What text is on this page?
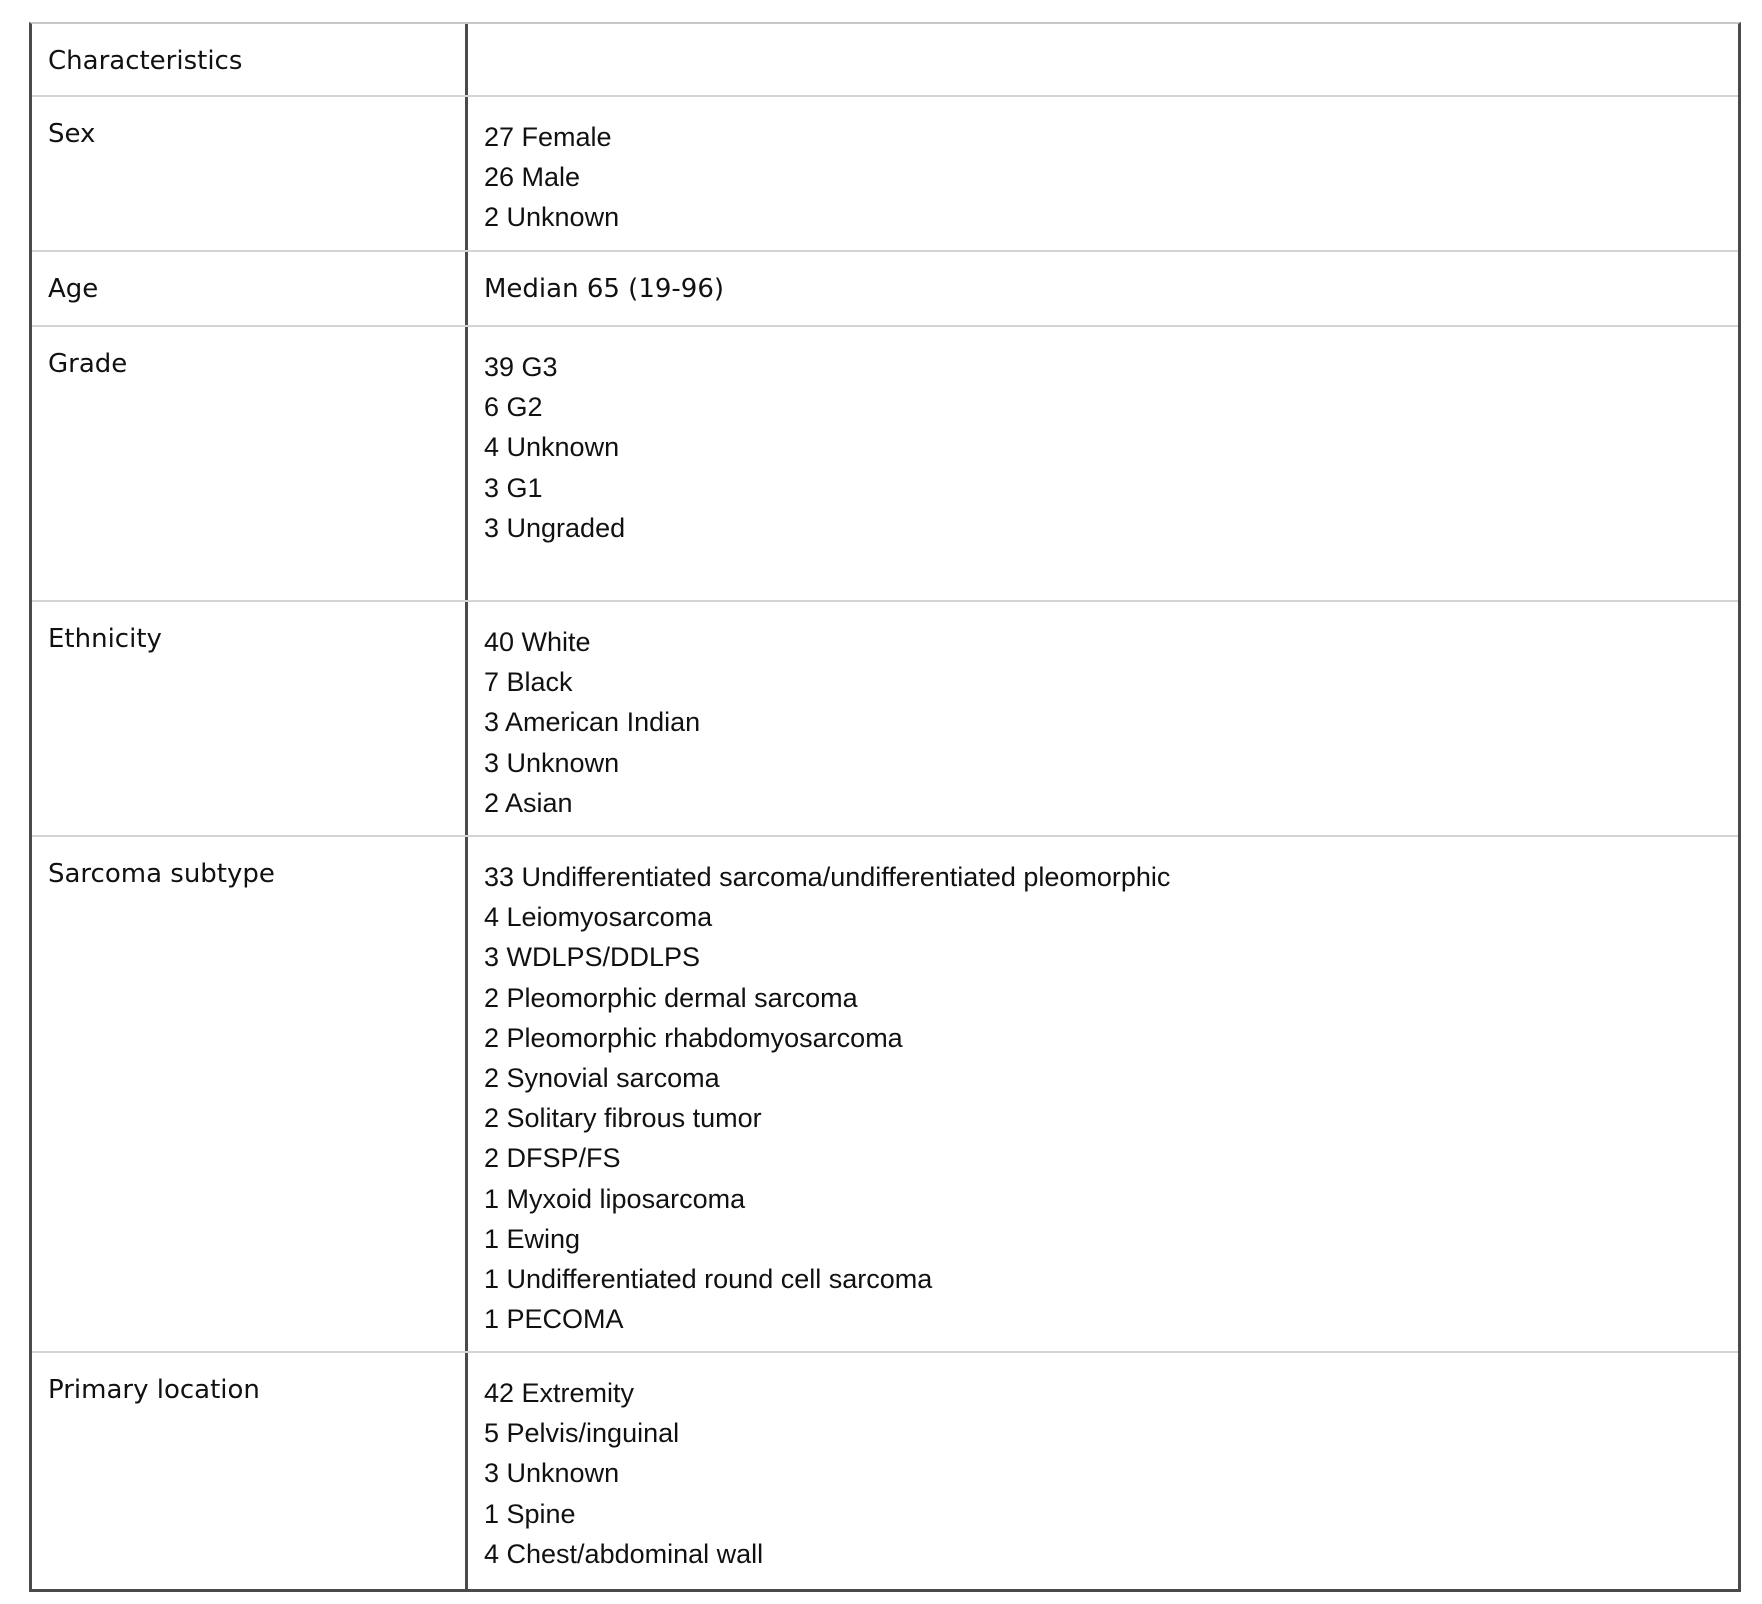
Characteristics
Sex	27 Female
26 Male
2 Unknown
Age	Median 65 (19-96)
Grade	39 G3
6 G2
4 Unknown
3 G1
3 Ungraded
Ethnicity	40 White
7 Black
3 American Indian
3 Unknown
2 Asian
Sarcoma subtype	33 Undifferentiated sarcoma/undifferentiated pleomorphic
4 Leiomyosarcoma
3 WDLPS/DDLPS
2 Pleomorphic dermal sarcoma
2 Pleomorphic rhabdomyosarcoma
2 Synovial sarcoma
2 Solitary fibrous tumor
2 DFSP/FS
1 Myxoid liposarcoma
1 Ewing
1 Undifferentiated round cell sarcoma
1 PECOMA
Primary location	42 Extremity
5 Pelvis/inguinal
3 Unknown
1 Spine
4 Chest/abdominal wall
